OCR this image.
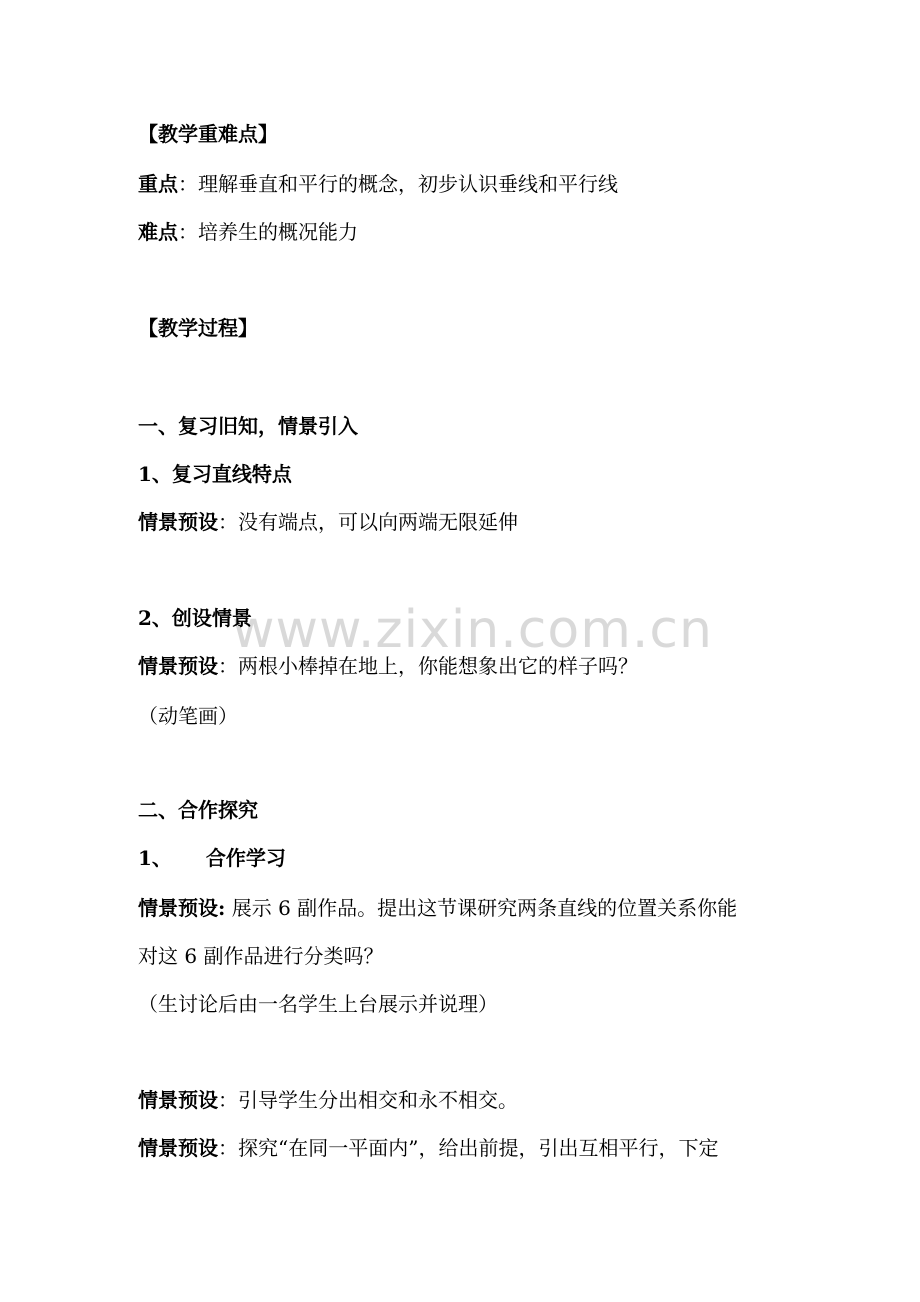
www.zixin.com.cn
【教学重难点】
重点：理解垂直和平行的概念，初步认识垂线和平行线
难点：培养生的概况能力
【教学过程】
一、复习旧知，情景引入
1、复习直线特点
情景预设：没有端点，可以向两端无限延伸
2、创设情景
情景预设：两根小棒掉在地上，你能想象出它的样子吗？
（动笔画）
二、合作探究
1、 合作学习
情景预设: 展示 6 副作品。提出这节课研究两条直线的位置关系你能
对这 6 副作品进行分类吗？
（生讨论后由一名学生上台展示并说理）
情景预设：引导学生分出相交和永不相交。
情景预设：探究“在同一平面内”，给出前提，引出互相平行，下定
